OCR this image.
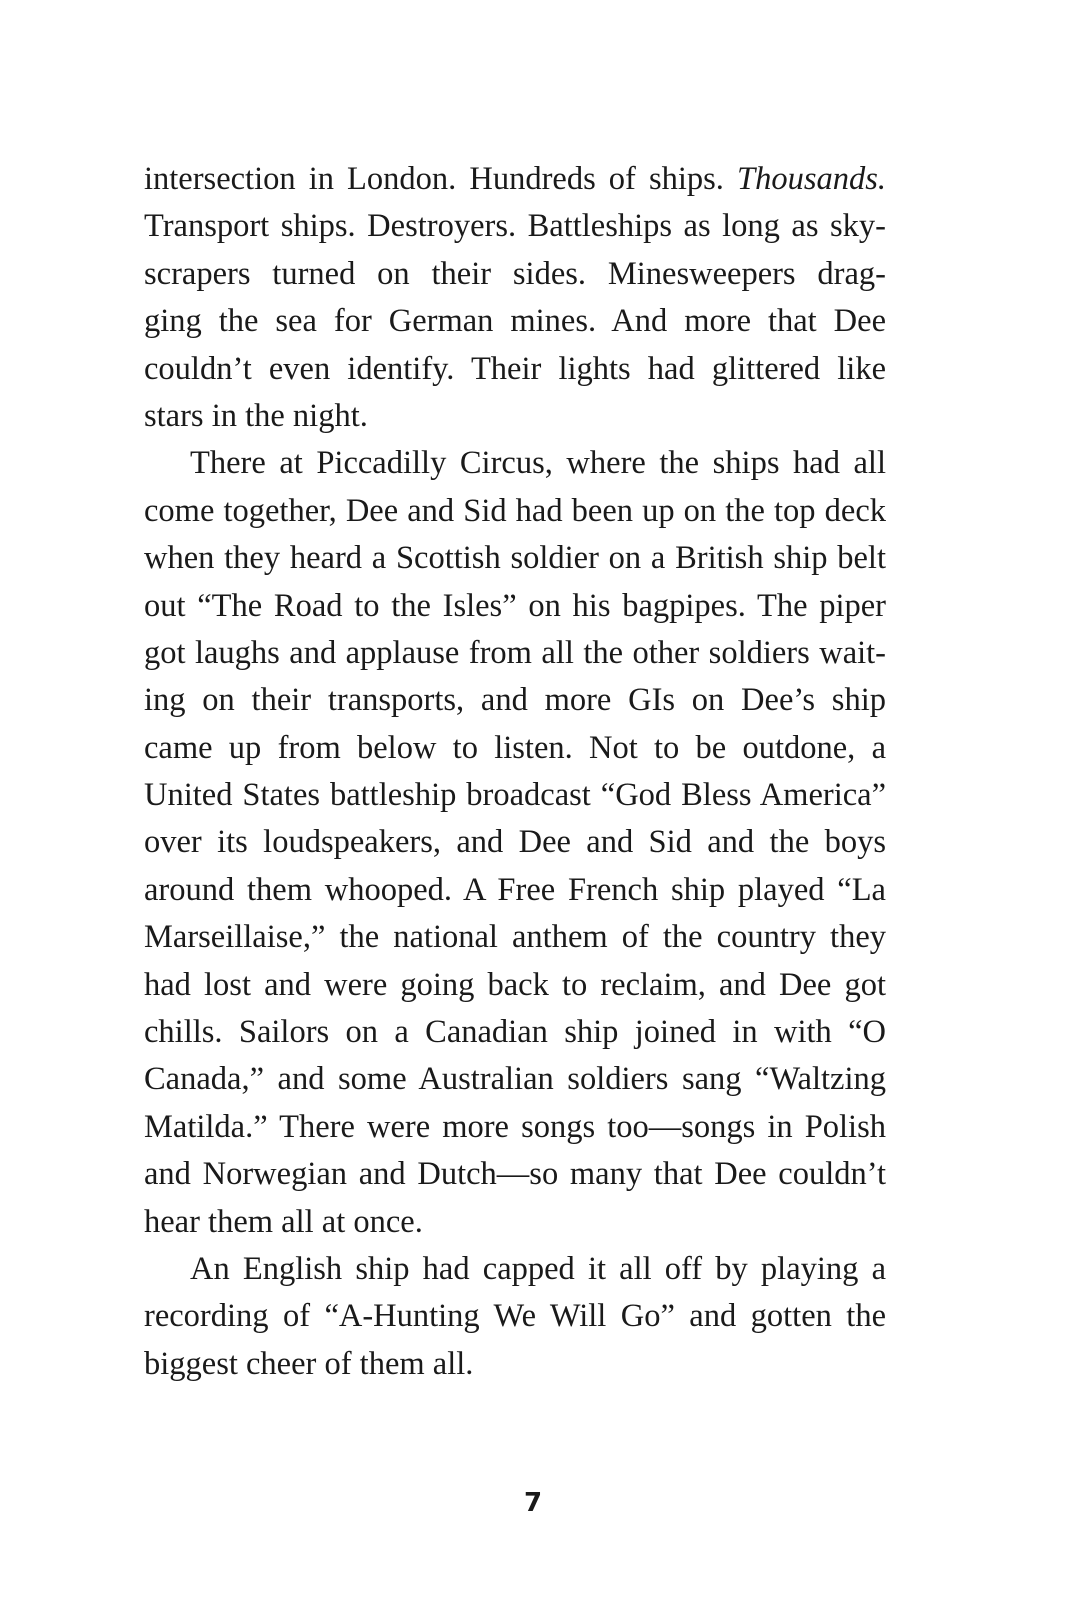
intersection in London. Hundreds of ships. Thousands.
Transport ships. Destroyers. Battleships as long as sky-
scrapers turned on their sides. Minesweepers drag-
ging the sea for German mines. And more that Dee
couldn’t even identify. Their lights had glittered like
stars in the night.

There at Piccadilly Circus, where the ships had all
come together, Dee and Sid had been up on the top deck
when they heard a Scottish soldier on a British ship belt
out “The Road to the Isles” on his bagpipes. The piper
got laughs and applause from all the other soldiers wait-
ing on their transports, and more GIs on Dee’s ship
came up from below to listen. Not to be outdone, a
United States battleship broadcast “God Bless America”
over its loudspeakers, and Dee and Sid and the boys
around them whooped. A Free French ship played “La
Marseillaise,” the national anthem of the country they
had lost and were going back to reclaim, and Dee got
chills. Sailors on a Canadian ship joined in with “O
Canada,” and some Australian soldiers sang “Waltzing
Matilda.” There were more songs too—songs in Polish
and Norwegian and Dutch—so many that Dee couldn’t
hear them all at once.

An English ship had capped it all off by playing a
recording of “A-Hunting We Will Go” and gotten the
biggest cheer of them all.

7
